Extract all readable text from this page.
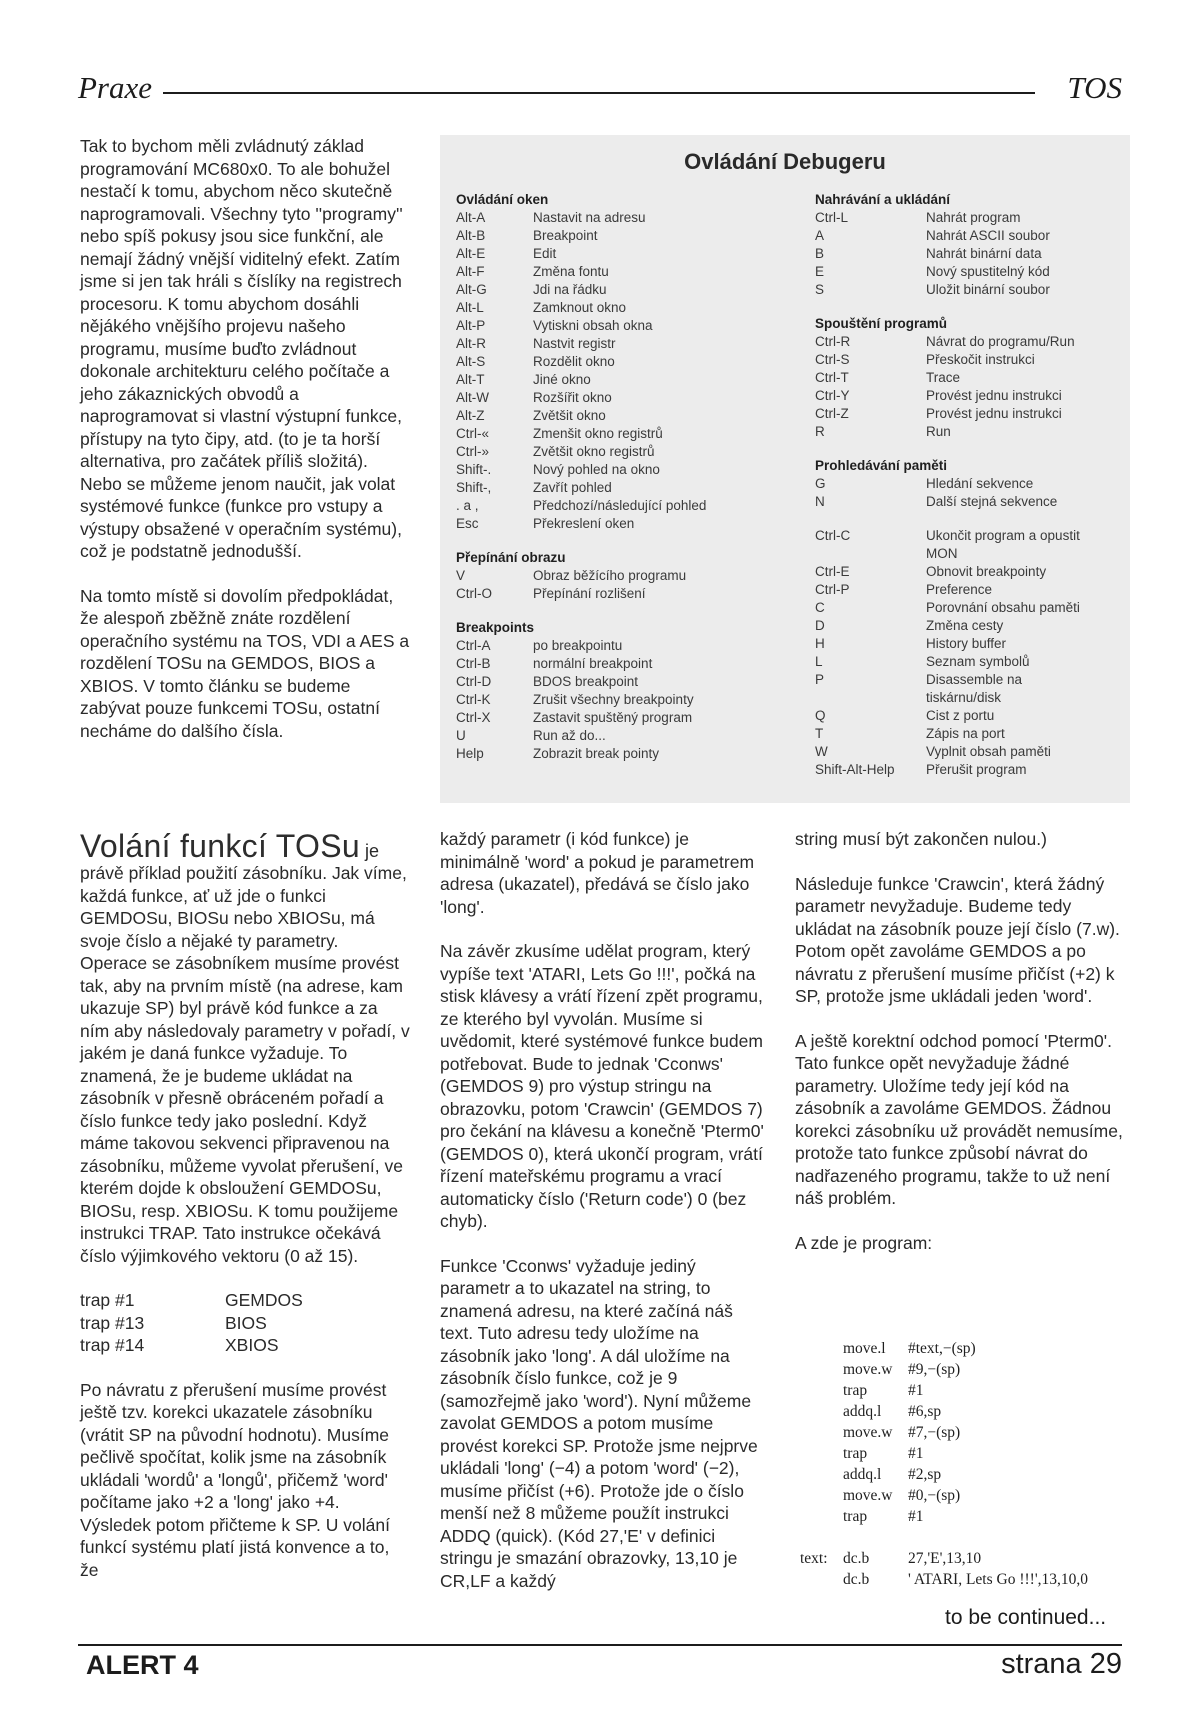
Praxe	TOS

Tak to bychom měli zvládnutý základ programování MC680x0. To ale bohužel nestačí k tomu, abychom něco skutečně naprogramovali. Všechny tyto ''programy'' nebo spíš pokusy jsou sice funkční, ale nemají žádný vnější viditelný efekt. Zatím jsme si jen tak hráli s číslíky na registrech procesoru. K tomu abychom dosáhli nějákého vnějšího projevu našeho programu, musíme buďto zvládnout dokonale architekturu celého počítače a jeho zákaznických obvodů a naprogramovat si vlastní výstupní funkce, přístupy na tyto čipy, atd. (to je ta horší alternativa, pro začátek příliš složitá). Nebo se můžeme jenom naučit, jak volat systémové funkce (funkce pro vstupy a výstupy obsažené v operačním systému), což je podstatně jednodušší.

Na tomto místě si dovolím předpokládat, že alespoň zběžně znáte rozdělení operačního systému na TOS, VDI a AES a rozdělení TOSu na GEMDOS, BIOS a XBIOS. V tomto článku se budeme zabývat pouze funkcemi TOSu, ostatní necháme do dalšího čísla.

Ovládání Debugeru
Ovládání oken
Alt-A	Nastavit na adresu
Alt-B	Breakpoint
Alt-E	Edit
Alt-F	Změna fontu
Alt-G	Jdi na řádku
Alt-L	Zamknout okno
Alt-P	Vytiskni obsah okna
Alt-R	Nastvit registr
Alt-S	Rozdělit okno
Alt-T	Jiné okno
Alt-W	Rozšířit okno
Alt-Z	Zvětšit okno
Ctrl-«	Zmenšit okno registrů
Ctrl-»	Zvětšit okno registrů
Shift-.	Nový pohled na okno
Shift-,	Zavřít pohled
. a ,	Předchozí/následující pohled
Esc	Překreslení oken
Přepínání obrazu
V	Obraz běžícího programu
Ctrl-O	Přepínání rozlišení
Breakpoints
Ctrl-A	po breakpointu
Ctrl-B	normální breakpoint
Ctrl-D	BDOS breakpoint
Ctrl-K	Zrušit všechny breakpointy
Ctrl-X	Zastavit spuštěný program
U	Run až do...
Help	Zobrazit break pointy
Nahrávání a ukládání
Ctrl-L	Nahrát program
A	Nahrát ASCII soubor
B	Nahrát binární data
E	Nový spustitelný kód
S	Uložit binární soubor
Spouštění programů
Ctrl-R	Návrat do programu/Run
Ctrl-S	Přeskočit instrukci
Ctrl-T	Trace
Ctrl-Y	Provést jednu instrukci
Ctrl-Z	Provést jednu instrukci
R	Run
Prohledávání paměti
G	Hledání sekvence
N	Další stejná sekvence
Ctrl-C	Ukončit program a opustit
MON
Ctrl-E	Obnovit breakpointy
Ctrl-P	Preference
C	Porovnání obsahu paměti
D	Změna cesty
H	History buffer
L	Seznam symbolů
P	Disassemble na
tiskárnu/disk
Q	Cist z portu
T	Zápis na port
W	Vyplnit obsah paměti
Shift-Alt-Help	Přerušit program
Volání funkcí TOSu je

právě příklad použití zásobníku. Jak víme, každá funkce, ať už jde o funkci GEMDOSu, BIOSu nebo XBIOSu, má svoje číslo a nějaké ty parametry. Operace se zásobníkem musíme provést tak, aby na prvním místě (na adrese, kam ukazuje SP) byl právě kód funkce a za ním aby následovaly parametry v pořadí, v jakém je daná funkce vyžaduje. To znamená, že je budeme ukládat na zásobník v přesně obráceném pořadí a číslo funkce tedy jako poslední. Když máme takovou sekvenci připravenou na zásobníku, můžeme vyvolat přerušení, ve kterém dojde k obsloužení GEMDOSu, BIOSu, resp. XBIOSu. K tomu použijeme instrukci TRAP. Tato instrukce očekává číslo výjimkového vektoru (0 až 15).

trap #1	GEMDOS
trap #13	BIOS
trap #14	XBIOS

Po návratu z přerušení musíme provést ještě tzv. korekci ukazatele zásobníku (vrátit SP na původní hodnotu). Musíme pečlivě spočítat, kolik jsme na zásobník ukládali 'wordů' a 'longů', přičemž 'word' počítame jako +2 a 'long' jako +4. Výsledek potom přičteme k SP. U volání funkcí systému platí jistá konvence a to, že

každý parametr (i kód funkce) je minimálně 'word' a pokud je parametrem adresa (ukazatel), předává se číslo jako 'long'.

Na závěr zkusíme udělat program, který vypíše text 'ATARI, Lets Go !!!', počká na stisk klávesy a vrátí řízení zpět programu, ze kterého byl vyvolán. Musíme si uvědomit, které systémové funkce budem potřebovat. Bude to jednak 'Cconws' (GEMDOS 9) pro výstup stringu na obrazovku, potom 'Crawcin' (GEMDOS 7) pro čekání na klávesu a konečně 'Pterm0' (GEMDOS 0), která ukončí program, vrátí řízení mateřskému programu a vrací automaticky číslo ('Return code') 0 (bez chyb).

Funkce 'Cconws' vyžaduje jediný parametr a to ukazatel na string, to znamená adresu, na které začíná náš text. Tuto adresu tedy uložíme na zásobník jako 'long'. A dál uložíme na zásobník číslo funkce, což je 9 (samozřejmě jako 'word'). Nyní můžeme zavolat GEMDOS a potom musíme provést korekci SP. Protože jsme nejprve ukládali 'long' (−4) a potom 'word' (−2), musíme přičíst (+6). Protože jde o číslo menší než 8 můžeme použít instrukci ADDQ (quick). (Kód 27,'E' v definici stringu je smazání obrazovky, 13,10 je CR,LF a každý

string musí být zakončen nulou.)

Následuje funkce 'Crawcin', která žádný parametr nevyžaduje. Budeme tedy ukládat na zásobník pouze její číslo (7.w). Potom opět zavoláme GEMDOS a po návratu z přerušení musíme přičíst (+2) k SP, protože jsme ukládali jeden 'word'.

A ještě korektní odchod pomocí 'Pterm0'. Tato funkce opět nevyžaduje žádné parametry. Uložíme tedy její kód na zásobník a zavoláme GEMDOS. Žádnou korekci zásobníku už provádět nemusíme, protože tato funkce způsobí návrat do nadřazeného programu, takže to už není náš problém.

A zde je program:

move.l	#text,−(sp)
move.w #9,−(sp)
trap	#1
addq.l	#6,sp
move.w #7,−(sp)
trap	#1
addq.l	#2,sp
move.w #0,−(sp)
trap	#1
text: dc.b	27,'E',13,10
dc.b	' ATARI, Lets Go !!!',13,10,0
to be continued...
ALERT 4	strana 29
